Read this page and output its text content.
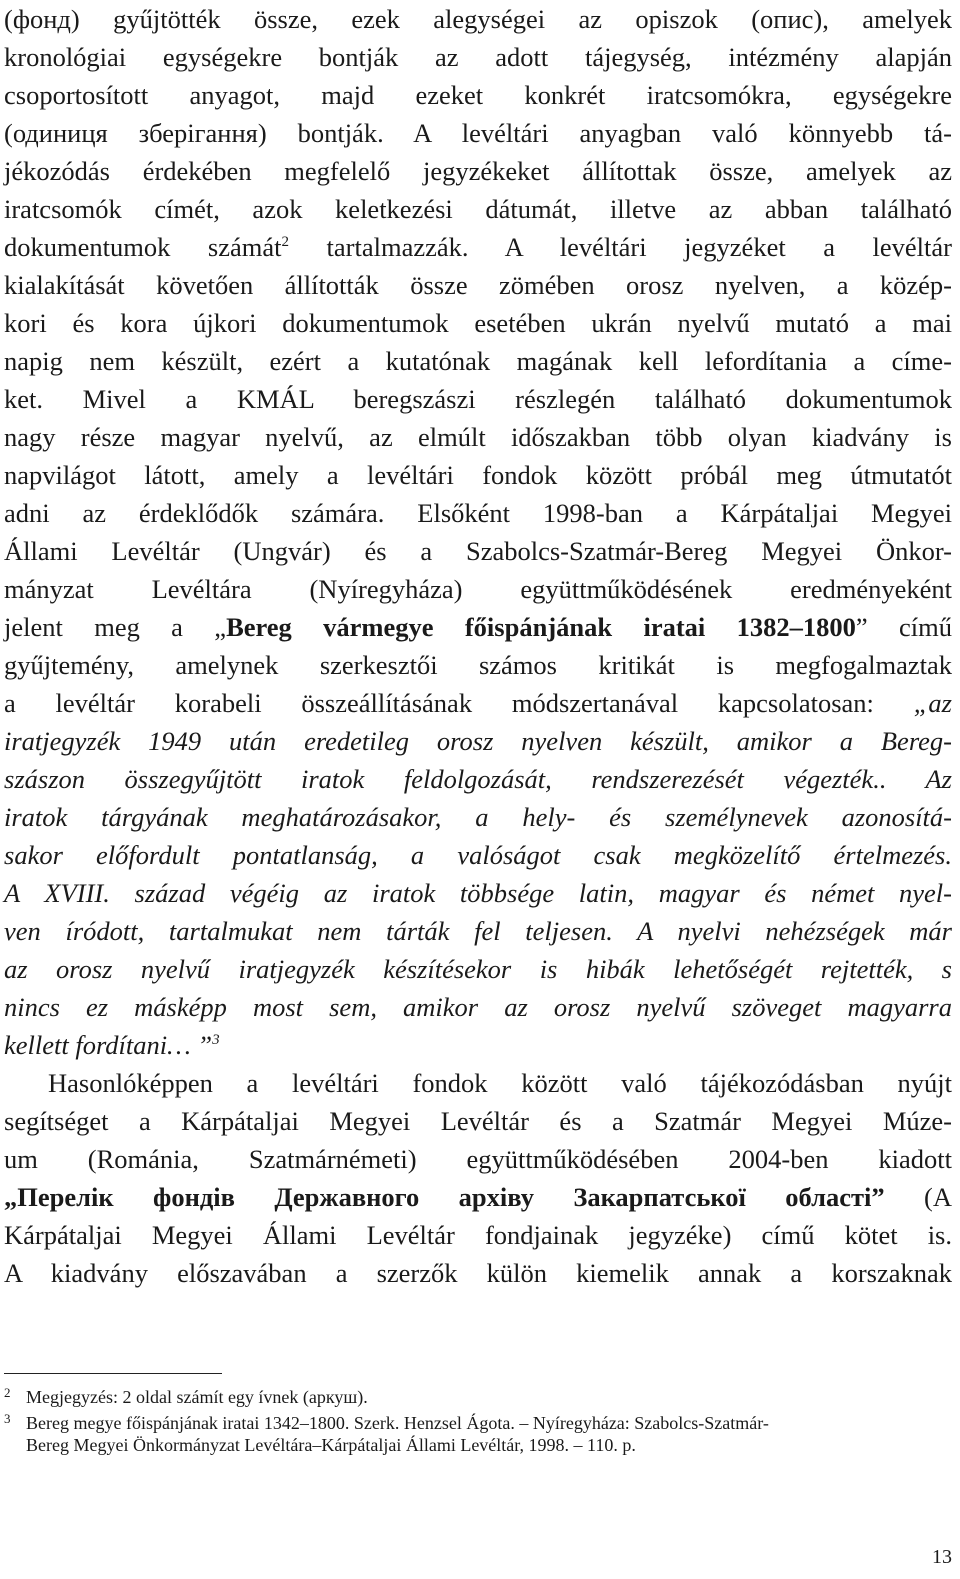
(фонд) gyűjtötték össze, ezek alegységei az opiszok (опис), amelyek
kronológiai egységekre bontják az adott tájegység, intézmény alapján
csoportosított anyagot, majd ezeket konkrét iratcsomókra, egységekre
(одиниця зберігання) bontják. A levéltári anyagban való könnyebb tá-
jékozódás érdekében megfelelő jegyzékeket állítottak össze, amelyek az
iratcsomók címét, azok keletkezési dátumát, illetve az abban található
dokumentumok számát$^2$ tartalmazzák. A levéltári jegyzéket a levéltár
kialakítását követően állították össze zömében orosz nyelven, a közép-
kori és kora újkori dokumentumok esetében ukrán nyelvű mutató a mai
napig nem készült, ezért a kutatónak magának kell lefordítania a címe-
ket. Mivel a KMÁL beregszászi részlegén található dokumentumok
nagy része magyar nyelvű, az elmúlt időszakban több olyan kiadvány is
napvilágot látott, amely a levéltári fondok között próbál meg útmutatót
adni az érdeklődők számára. Elsőként 1998-ban a Kárpátaljai Megyei
Állami Levéltár (Ungvár) és a Szabolcs-Szatmár-Bereg Megyei Önkor-
mányzat Levéltára (Nyíregyháza) együttműködésének eredményeként
jelent meg a „Bereg vármegye főispánjának iratai 1382–1800” című
gyűjtemény, amelynek szerkesztői számos kritikát is megfogalmaztak
a levéltár korabeli összeállításának módszertanával kapcsolatosan: „az
iratjegyzék 1949 után eredetileg orosz nyelven készült, amikor a Bereg-
szászon összegyűjtött iratok feldolgozását, rendszerezését végezték.. Az
iratok tárgyának meghatározásakor, a hely- és személynevek azonosítá-
sakor előfordult pontatlanság, a valóságot csak megközelítő értelmezés.
A XVIII. század végéig az iratok többsége latin, magyar és német nyel-
ven íródott, tartalmukat nem tárták fel teljesen. A nyelvi nehézségek már
az orosz nyelvű iratjegyzék készítésekor is hibák lehetőségét rejtették, s
nincs ez másképp most sem, amikor az orosz nyelvű szöveget magyarra
kellett fordítani… ”$^3$
Hasonlóképpen a levéltári fondok között való tájékozódásban nyújt
segítséget a Kárpátaljai Megyei Levéltár és a Szatmár Megyei Múze-
um (Románia, Szatmárnémeti) együttműködésében 2004-ben kiadott
„Перелік фондів Державного архіву Закарпатської області” (A
Kárpátaljai Megyei Állami Levéltár fondjainak jegyzéke) című kötet is.
A kiadvány előszavában a szerzők külön kiemelik annak a korszaknak
2 Megjegyzés: 2 oldal számít egy ívnek (аркуш).
3 Bereg megye főispánjának iratai 1342–1800. Szerk. Henzsel Ágota. – Nyíregyháza: Szabolcs-Szatmár-
Bereg Megyei Önkormányzat Levéltára–Kárpátaljai Állami Levéltár, 1998. – 110. p.
13
